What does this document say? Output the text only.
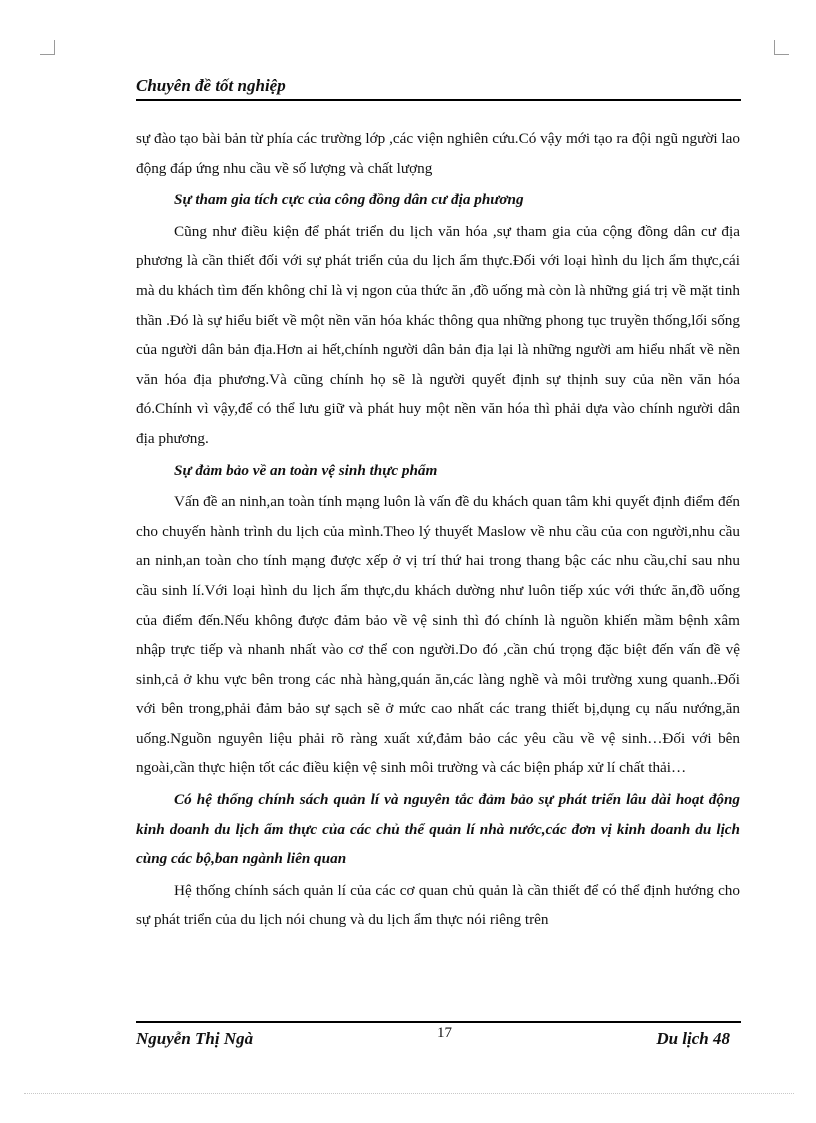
Chuyên đề tốt nghiệp

sự đào tạo bài bản từ phía các trường lớp ,các viện nghiên cứu.Có vậy mới tạo ra đội ngũ người lao động đáp ứng nhu cầu về số lượng và chất lượng

Sự tham gia tích cực của công đồng dân cư địa phương

Cũng như điều kiện để phát triển du lịch văn hóa ,sự tham gia của cộng đồng dân cư địa phương là cần thiết đối với sự phát triển của du lịch ẩm thực.Đối với loại hình du lịch ẩm thực,cái mà du khách tìm đến không chỉ là vị ngon của thức ăn ,đồ uống mà còn là những giá trị về mặt tinh thần .Đó là sự hiểu biết về một nền văn hóa khác thông qua những phong tục truyền thống,lối sống của người dân bản địa.Hơn ai hết,chính người dân bản địa lại là những người am hiểu nhất về nền văn hóa địa phương.Và cũng chính họ sẽ là người quyết định sự thịnh suy của nền văn hóa đó.Chính vì vậy,để có thể lưu giữ và phát huy một nền văn hóa thì phải dựa vào chính người dân địa phương.

Sự đảm bảo về an toàn vệ sinh thực phẩm

Vấn đề an ninh,an toàn tính mạng luôn là vấn đề du khách quan tâm khi quyết định điểm đến cho chuyến hành trình du lịch của mình.Theo lý thuyết Maslow về nhu cầu của con người,nhu cầu an ninh,an toàn cho tính mạng được xếp ở vị trí thứ hai trong thang bậc các nhu cầu,chỉ sau nhu cầu sinh lí.Với loại hình du lịch ẩm thực,du khách dường như luôn tiếp xúc với thức ăn,đồ uống của điểm đến.Nếu không được đảm bảo về vệ sinh thì đó chính là nguồn khiến mầm bệnh xâm nhập trực tiếp và nhanh nhất vào cơ thể con người.Do đó ,cần chú trọng đặc biệt đến vấn đề vệ sinh,cả ở khu vực bên trong các nhà hàng,quán ăn,các làng nghề và môi trường xung quanh..Đối với bên trong,phải đảm bảo sự sạch sẽ ở mức cao nhất các trang thiết bị,dụng cụ nấu nướng,ăn uống.Nguồn nguyên liệu phải rõ ràng xuất xứ,đảm bảo các yêu cầu về vệ sinh…Đối với bên ngoài,cần thực hiện tốt các điều kiện vệ sinh môi trường và các biện pháp xử lí chất thải…

Có hệ thống chính sách quản lí và nguyên tắc đảm bảo sự phát triển lâu dài hoạt động kinh doanh du lịch ẩm thực của các chủ thể quản lí nhà nước,các đơn vị kinh doanh du lịch cùng các bộ,ban ngành liên quan

Hệ thống chính sách quản lí của các cơ quan chủ quản là cần thiết để có thể định hướng cho sự phát triển của du lịch nói chung và du lịch ẩm thực nói riêng trên

Nguyễn Thị Ngà	17	Du lịch 48
